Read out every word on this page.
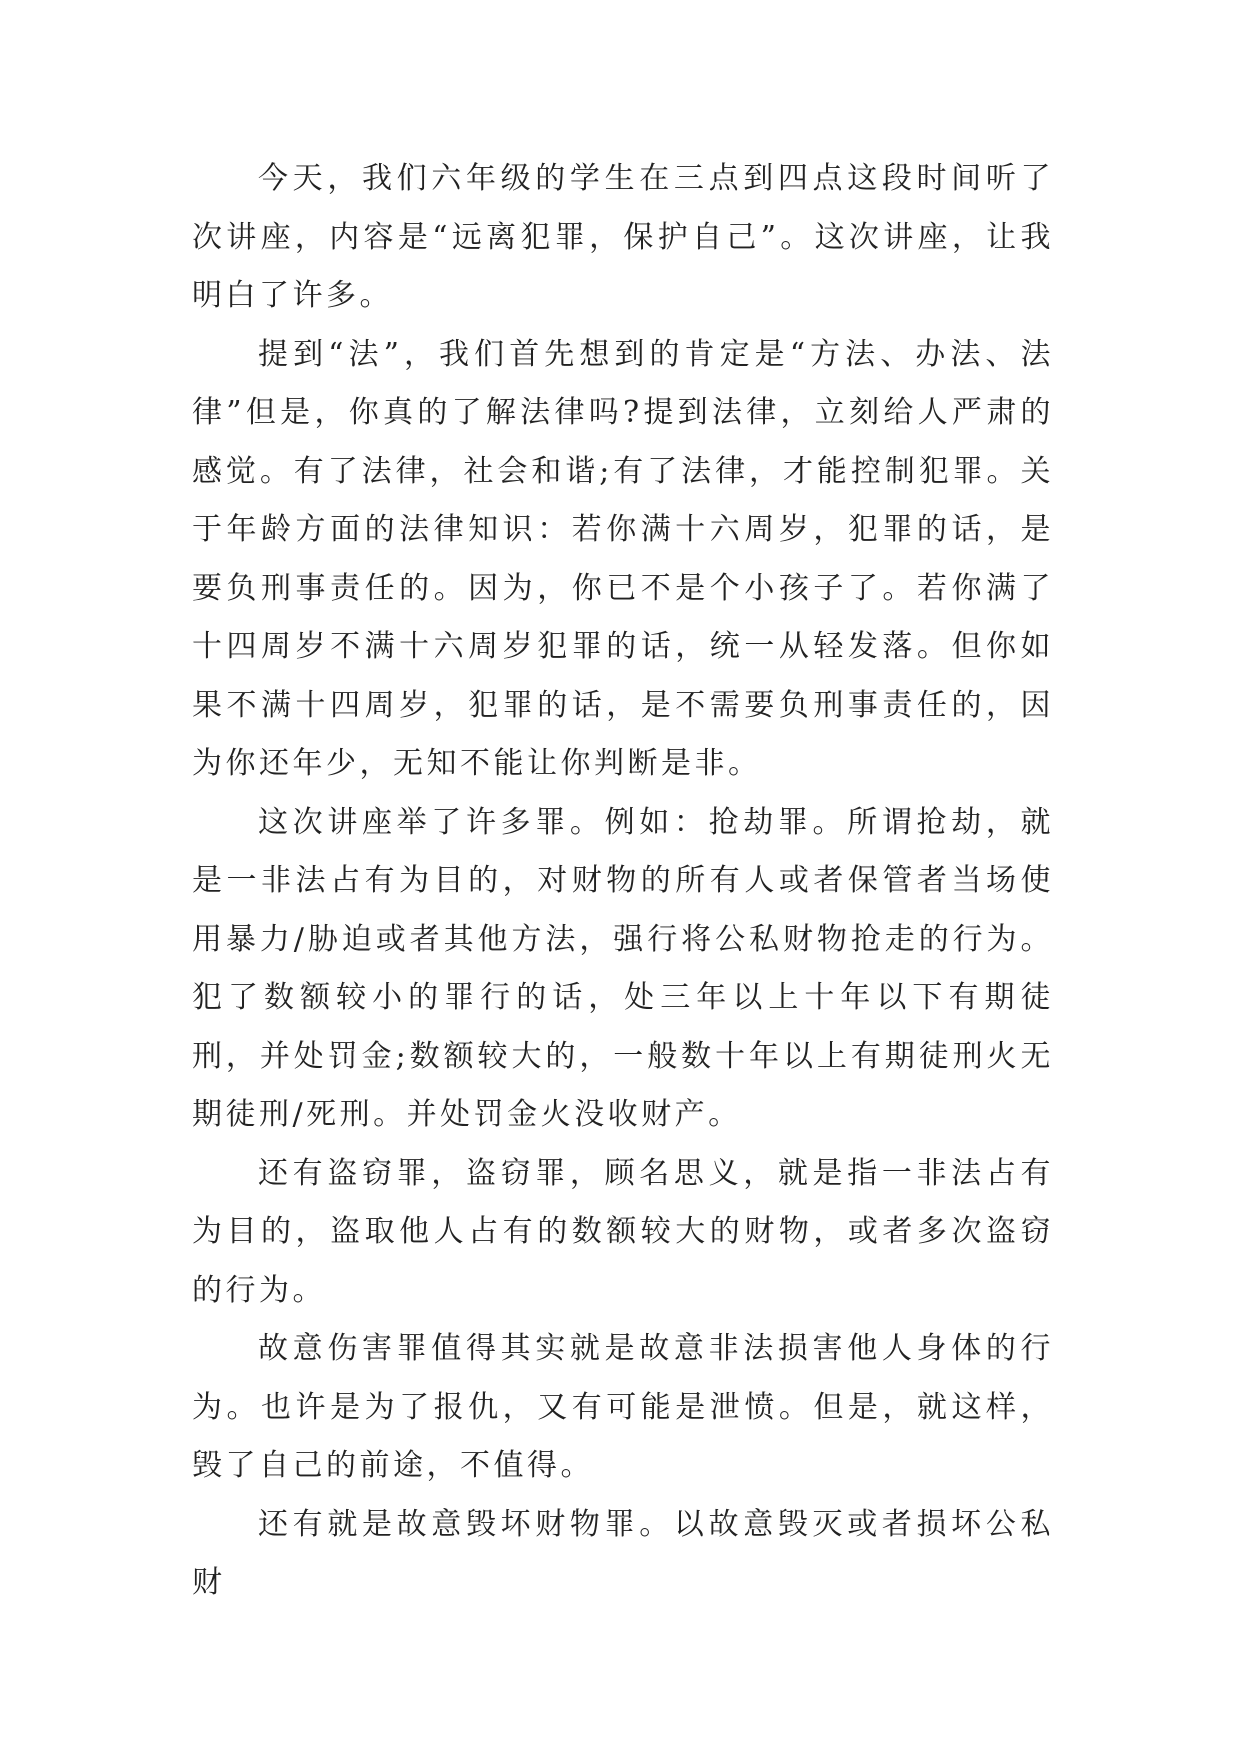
今天，我们六年级的学生在三点到四点这段时间听了次讲座，内容是“远离犯罪，保护自己”。这次讲座，让我明白了许多。

提到“法”，我们首先想到的肯定是“方法、办法、法律”但是，你真的了解法律吗?提到法律，立刻给人严肃的感觉。有了法律，社会和谐;有了法律，才能控制犯罪。关于年龄方面的法律知识：若你满十六周岁，犯罪的话，是要负刑事责任的。因为，你已不是个小孩子了。若你满了十四周岁不满十六周岁犯罪的话，统一从轻发落。但你如果不满十四周岁，犯罪的话，是不需要负刑事责任的，因为你还年少，无知不能让你判断是非。

这次讲座举了许多罪。例如：抢劫罪。所谓抢劫，就是一非法占有为目的，对财物的所有人或者保管者当场使用暴力/胁迫或者其他方法，强行将公私财物抢走的行为。犯了数额较小的罪行的话，处三年以上十年以下有期徒刑，并处罚金;数额较大的，一般数十年以上有期徒刑火无期徒刑/死刑。并处罚金火没收财产。

还有盗窃罪，盗窃罪，顾名思义，就是指一非法占有为目的，盗取他人占有的数额较大的财物，或者多次盗窃的行为。

故意伤害罪值得其实就是故意非法损害他人身体的行为。也许是为了报仇，又有可能是泄愤。但是，就这样，毁了自己的前途，不值得。

还有就是故意毁坏财物罪。以故意毁灭或者损坏公私财
